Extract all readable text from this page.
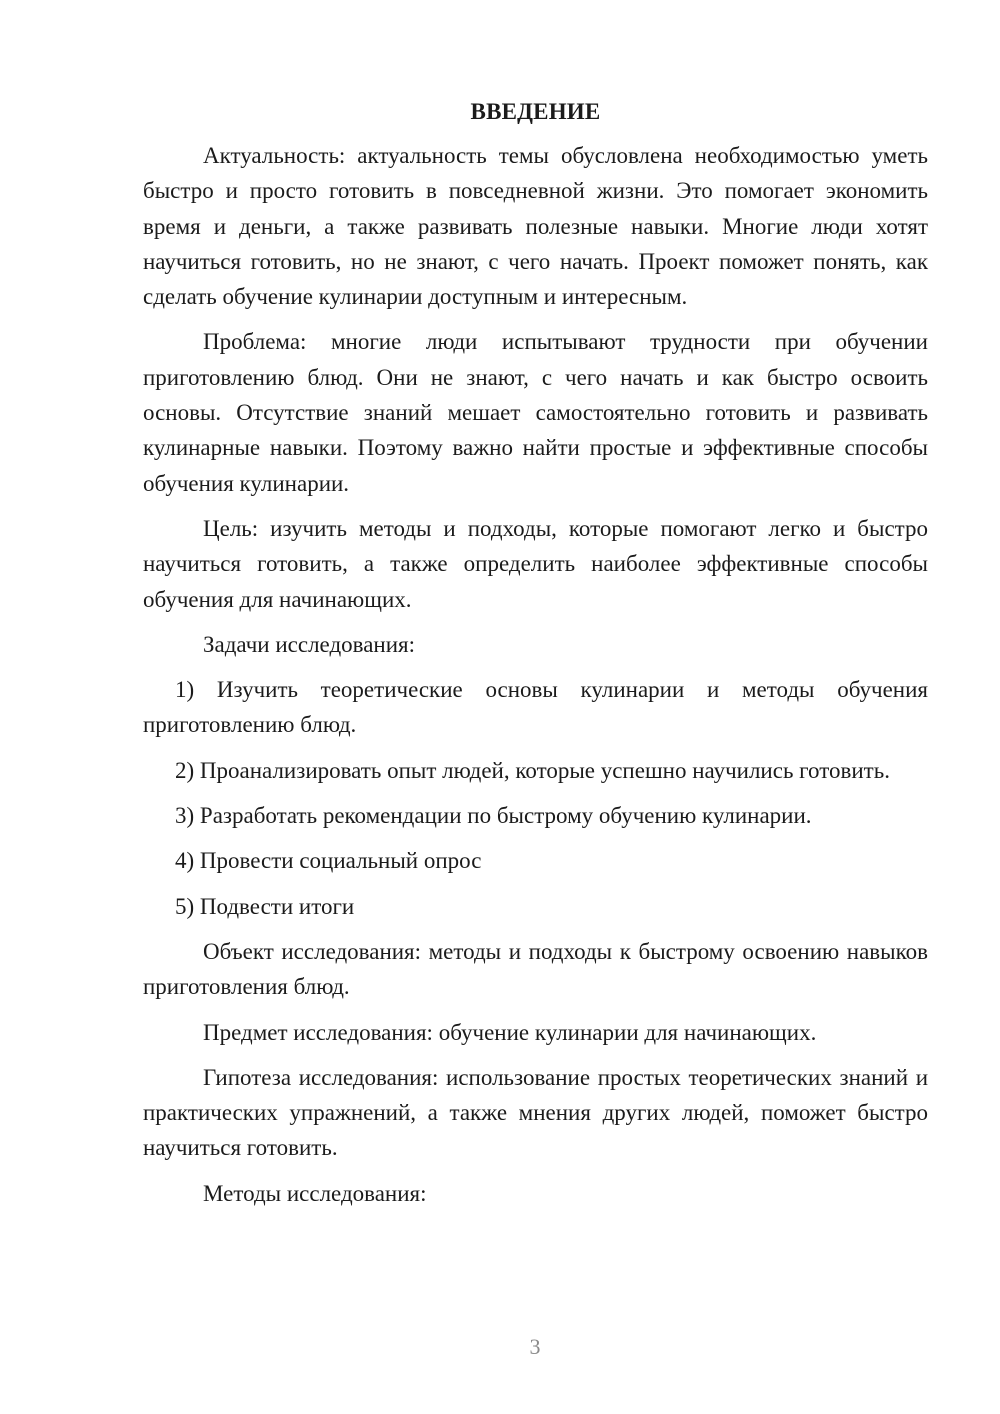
ВВЕДЕНИЕ

Актуальность: актуальность темы обусловлена необходимостью уметь быстро и просто готовить в повседневной жизни. Это помогает экономить время и деньги, а также развивать полезные навыки. Многие люди хотят научиться готовить, но не знают, с чего начать. Проект поможет понять, как сделать обучение кулинарии доступным и интересным.

Проблема: многие люди испытывают трудности при обучении приготовлению блюд. Они не знают, с чего начать и как быстро освоить основы. Отсутствие знаний мешает самостоятельно готовить и развивать кулинарные навыки. Поэтому важно найти простые и эффективные способы обучения кулинарии.

Цель: изучить методы и подходы, которые помогают легко и быстро научиться готовить, а также определить наиболее эффективные способы обучения для начинающих.

Задачи исследования:

1) Изучить теоретические основы кулинарии и методы обучения приготовлению блюд.

2) Проанализировать опыт людей, которые успешно научились готовить.

3) Разработать рекомендации по быстрому обучению кулинарии.

4) Провести социальный опрос

5) Подвести итоги

Объект исследования: методы и подходы к быстрому освоению навыков приготовления блюд.

Предмет исследования: обучение кулинарии для начинающих.

Гипотеза исследования: использование простых теоретических знаний и практических упражнений, а также мнения других людей, поможет быстро научиться готовить.

Методы исследования:

3
